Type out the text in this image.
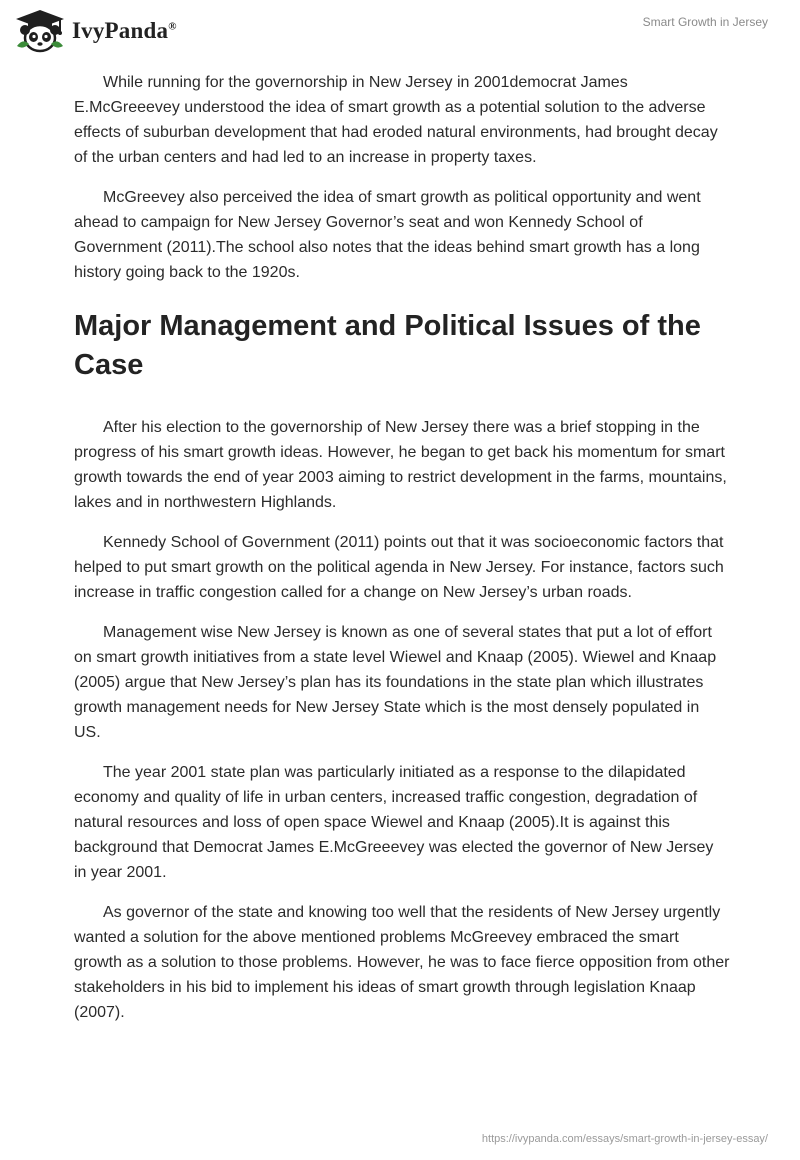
IvyPanda®	Smart Growth in Jersey

While running for the governorship in New Jersey in 2001democrat James E.McGreeevey understood the idea of smart growth as a potential solution to the adverse effects of suburban development that had eroded natural environments, had brought decay of the urban centers and had led to an increase in property taxes.

McGreevey also perceived the idea of smart growth as political opportunity and went ahead to campaign for New Jersey Governor’s seat and won Kennedy School of Government (2011).The school also notes that the ideas behind smart growth has a long history going back to the 1920s.

Major Management and Political Issues of the Case

After his election to the governorship of New Jersey there was a brief stopping in the progress of his smart growth ideas. However, he began to get back his momentum for smart growth towards the end of year 2003 aiming to restrict development in the farms, mountains, lakes and in northwestern Highlands.

Kennedy School of Government (2011) points out that it was socioeconomic factors that helped to put smart growth on the political agenda in New Jersey. For instance, factors such increase in traffic congestion called for a change on New Jersey’s urban roads.

Management wise New Jersey is known as one of several states that put a lot of effort on smart growth initiatives from a state level Wiewel and Knaap (2005). Wiewel and Knaap (2005) argue that New Jersey’s plan has its foundations in the state plan which illustrates growth management needs for New Jersey State which is the most densely populated in US.

The year 2001 state plan was particularly initiated as a response to the dilapidated economy and quality of life in urban centers, increased traffic congestion, degradation of natural resources and loss of open space Wiewel and Knaap (2005).It is against this background that Democrat James E.McGreeevey was elected the governor of New Jersey in year 2001.

As governor of the state and knowing too well that the residents of New Jersey urgently wanted a solution for the above mentioned problems McGreevey embraced the smart growth as a solution to those problems. However, he was to face fierce opposition from other stakeholders in his bid to implement his ideas of smart growth through legislation Knaap (2007).

https://ivypanda.com/essays/smart-growth-in-jersey-essay/
